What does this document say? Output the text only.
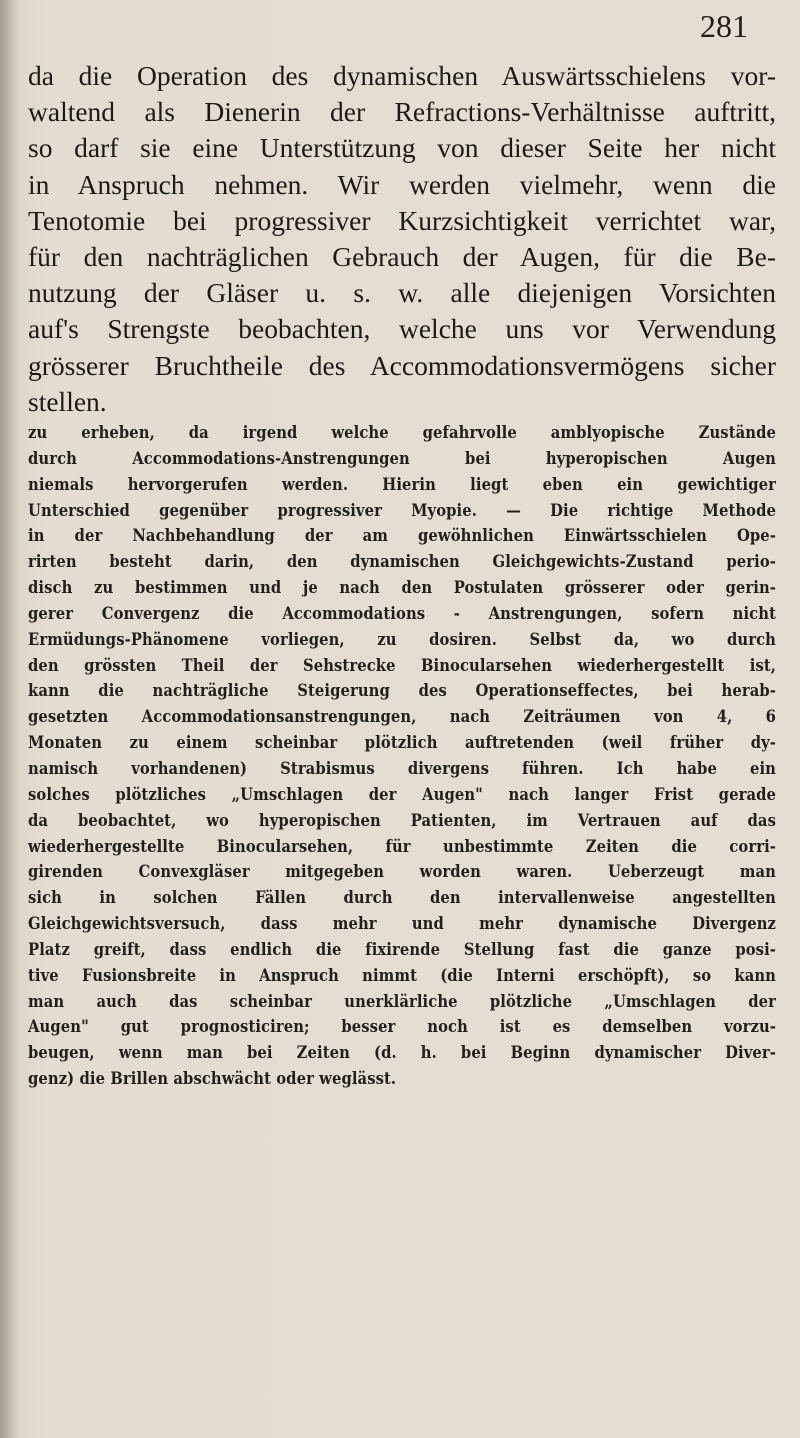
281
da die Operation des dynamischen Auswärtsschielens vor-
waltend als Dienerin der Refractions-Verhältnisse auftritt,
so darf sie eine Unterstützung von dieser Seite her nicht
in Anspruch nehmen. Wir werden vielmehr, wenn die
Tenotomie bei progressiver Kurzsichtigkeit verrichtet war,
für den nachträglichen Gebrauch der Augen, für die Be-
nutzung der Gläser u. s. w. alle diejenigen Vorsichten
auf's Strengste beobachten, welche uns vor Verwendung
grösserer Bruchtheile des Accommodationsvermögens sicher
stellen.
zu erheben, da irgend welche gefahrvolle amblyopische Zustände
durch Accommodations-Anstrengungen bei hyperopischen Augen
niemals hervorgerufen werden. Hierin liegt eben ein gewichtiger
Unterschied gegenüber progressiver Myopie. — Die richtige Methode
in der Nachbehandlung der am gewöhnlichen Einwärtsschielen Ope-
rirten besteht darin, den dynamischen Gleichgewichts-Zustand perio-
disch zu bestimmen und je nach den Postulaten grösserer oder gerin-
gerer Convergenz die Accommodations - Anstrengungen, sofern nicht
Ermüdungs-Phänomene vorliegen, zu dosiren. Selbst da, wo durch
den grössten Theil der Sehstrecke Binocularsehen wiederhergestellt ist,
kann die nachträgliche Steigerung des Operationseffectes, bei herab-
gesetzten Accommodationsanstrengungen, nach Zeiträumen von 4, 6
Monaten zu einem scheinbar plötzlich auftretenden (weil früher dy-
namisch vorhandenen) Strabismus divergens führen. Ich habe ein
solches plötzliches „Umschlagen der Augen" nach langer Frist gerade
da beobachtet, wo hyperopischen Patienten, im Vertrauen auf das
wiederhergestellte Binocularsehen, für unbestimmte Zeiten die corri-
girenden Convexgläser mitgegeben worden waren. Ueberzeugt man
sich in solchen Fällen durch den intervallenweise angestellten
Gleichgewichtsversuch, dass mehr und mehr dynamische Divergenz
Platz greift, dass endlich die fixirende Stellung fast die ganze posi-
tive Fusionsbreite in Anspruch nimmt (die Interni erschöpft), so kann
man auch das scheinbar unerklärliche plötzliche „Umschlagen der
Augen" gut prognosticiren; besser noch ist es demselben vorzu-
beugen, wenn man bei Zeiten (d. h. bei Beginn dynamischer Diver-
genz) die Brillen abschwächt oder weglässt.
